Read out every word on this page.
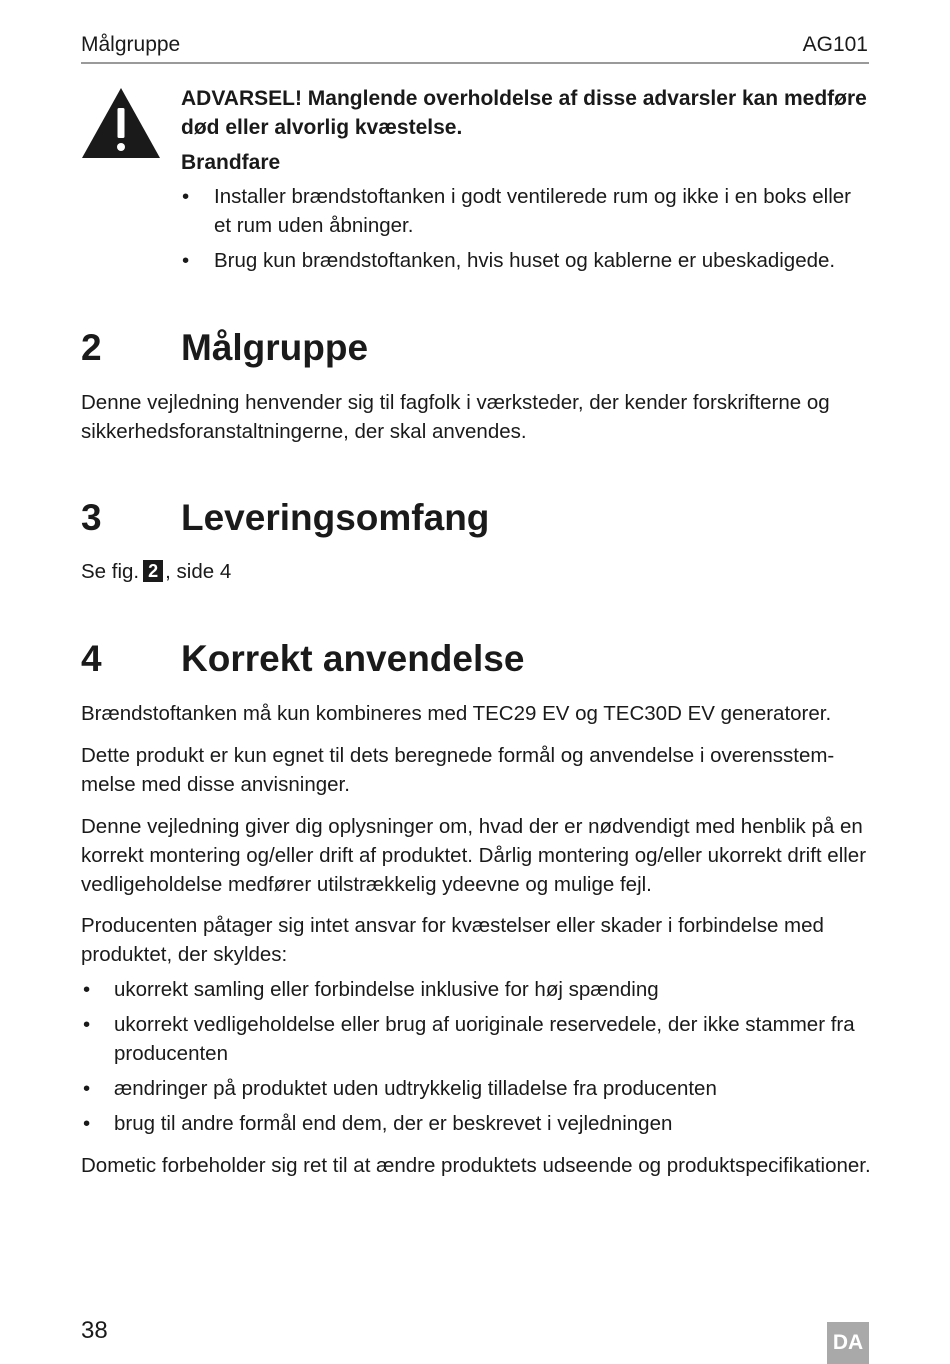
Målgruppe	AG101
ADVARSEL! Manglende overholdelse af disse advarsler kan medføre død eller alvorlig kvæstelse.
Brandfare
• Installer brændstoftanken i godt ventilerede rum og ikke i en boks eller et rum uden åbninger.
• Brug kun brændstoftanken, hvis huset og kablerne er ubeskadigede.
2 Målgruppe

Denne vejledning henvender sig til fagfolk i værksteder, der kender forskrifterne og sikkerhedsforanstaltningerne, der skal anvendes.

3 Leveringsomfang

Se fig. 2 , side 4

4 Korrekt anvendelse

Brændstoftanken må kun kombineres med TEC29 EV og TEC30D EV generatorer.

Dette produkt er kun egnet til dets beregnede formål og anvendelse i overensstemmelse med disse anvisninger.

Denne vejledning giver dig oplysninger om, hvad der er nødvendigt med henblik på en korrekt montering og/eller drift af produktet. Dårlig montering og/eller ukorrekt drift eller vedligeholdelse medfører utilstrækkelig ydeevne og mulige fejl.

Producenten påtager sig intet ansvar for kvæstelser eller skader i forbindelse med produktet, der skyldes:

• ukorrekt samling eller forbindelse inklusive for høj spænding
• ukorrekt vedligeholdelse eller brug af uoriginale reservedele, der ikke stammer fra producenten
• ændringer på produktet uden udtrykkelig tilladelse fra producenten
• brug til andre formål end dem, der er beskrevet i vejledningen

Dometic forbeholder sig ret til at ændre produktets udseende og produktspecifikationer.

38	DA
